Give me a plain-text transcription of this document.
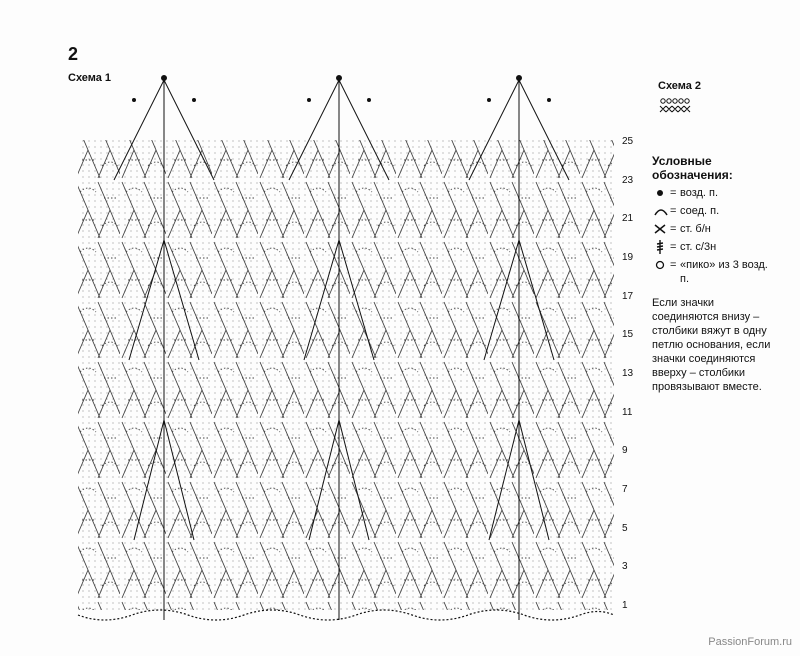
2
Схема 1
Схема 2
1
3
5
7
9
11
13
15
17
19
21
23
25
Условные обозначения:
= возд. п.
= соед. п.
= ст. б/н
= ст. с/3н
= «пико» из 3 возд. п.
Если значки соединяются внизу – столбики вяжут в одну петлю основания, если значки соединяются вверху – столбики провязывают вместе.
PassionForum.ru
